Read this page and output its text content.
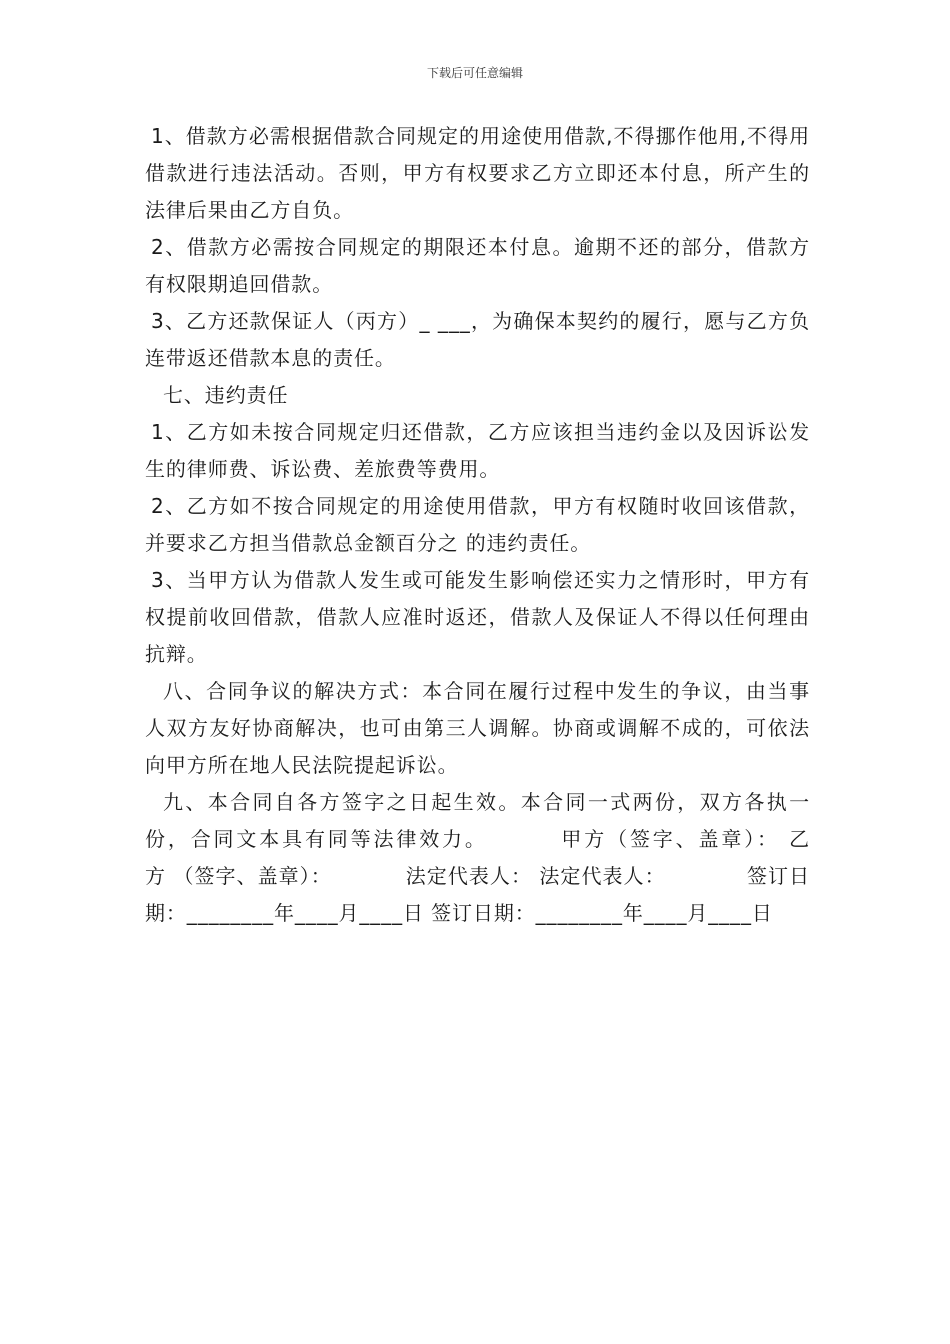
下载后可任意编辑

1、借款方必需根据借款合同规定的用途使用借款,不得挪作他用,不得用借款进行违法活动。否则，甲方有权要求乙方立即还本付息，所产生的法律后果由乙方自负。

2、借款方必需按合同规定的期限还本付息。逾期不还的部分，借款方有权限期追回借款。

3、乙方还款保证人（丙方）_ ___，为确保本契约的履行，愿与乙方负连带返还借款本息的责任。

七、违约责任

1、乙方如未按合同规定归还借款，乙方应该担当违约金以及因诉讼发生的律师费、诉讼费、差旅费等费用。

2、乙方如不按合同规定的用途使用借款，甲方有权随时收回该借款，并要求乙方担当借款总金额百分之 的违约责任。

3、当甲方认为借款人发生或可能发生影响偿还实力之情形时，甲方有权提前收回借款，借款人应准时返还，借款人及保证人不得以任何理由抗辩。

八、合同争议的解决方式：本合同在履行过程中发生的争议，由当事人双方友好协商解决，也可由第三人调解。协商或调解不成的，可依法向甲方所在地人民法院提起诉讼。

九、本合同自各方签字之日起生效。本合同一式两份，双方各执一份，合同文本具有同等法律效力。        甲方（签字、盖章）： 乙方 （签字、盖章）：          法定代表人： 法定代表人：           签订日期：________年____月____日 签订日期：________年____月____日
